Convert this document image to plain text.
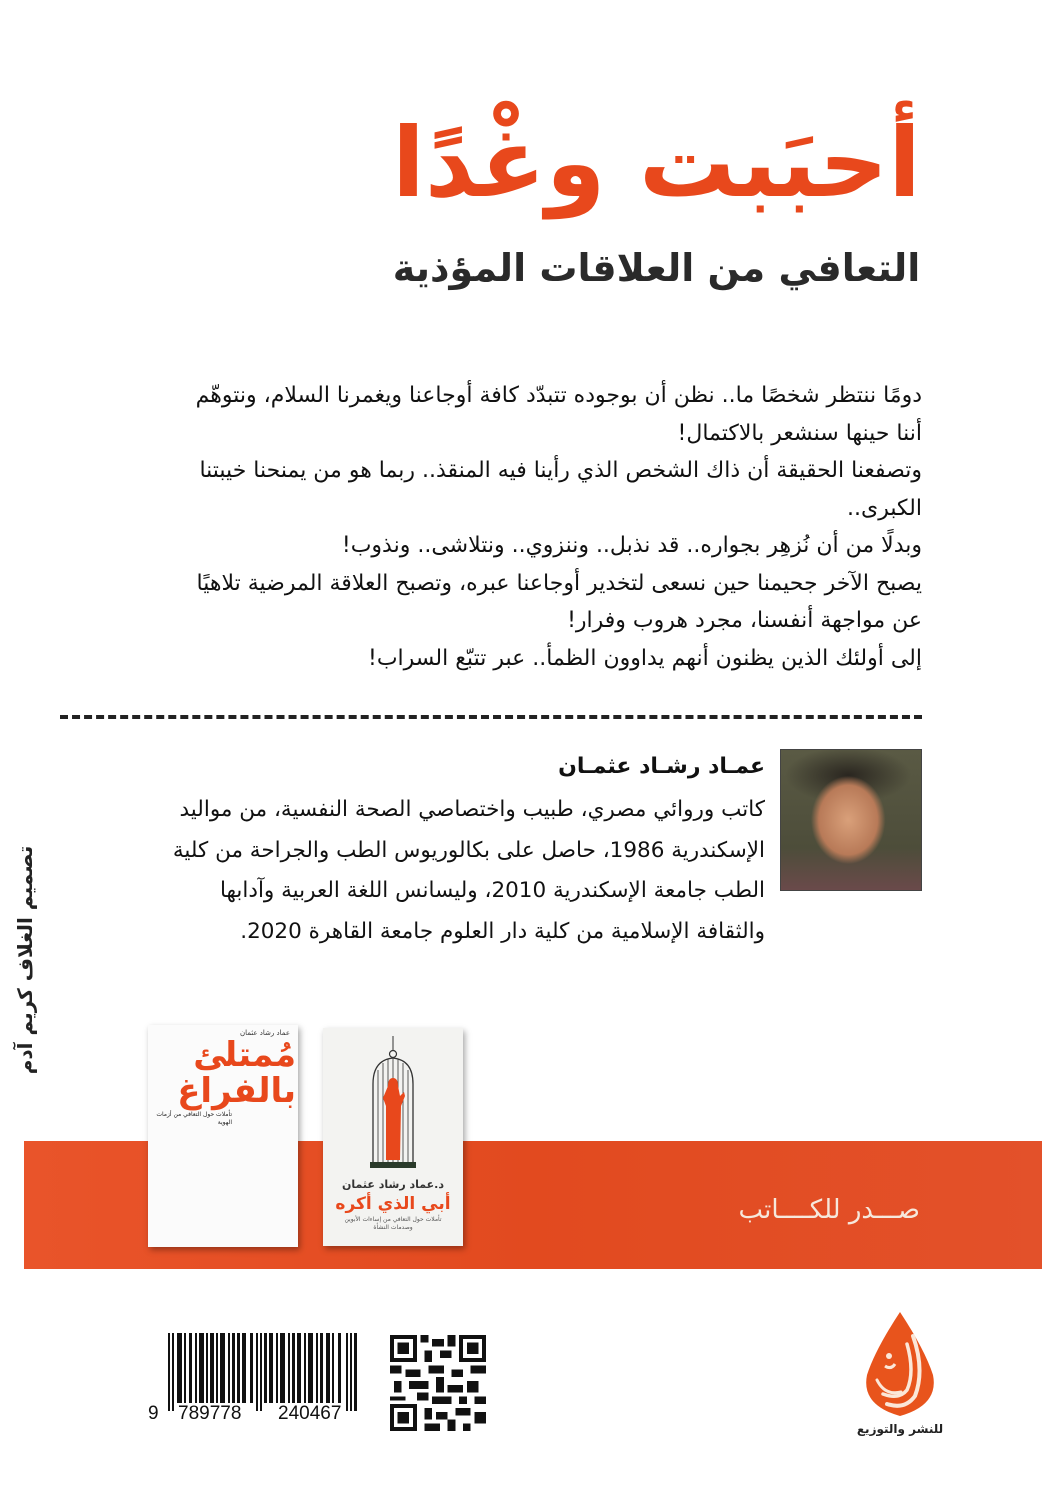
أحبَبت وغْدًا
التعافي من العلاقات المؤذية

دومًا ننتظر شخصًا ما.. نظن أن بوجوده تتبدّد كافة أوجاعنا ويغمرنا السلام، ونتوهّم

أننا حينها سنشعر بالاكتمال!

وتصفعنا الحقيقة أن ذاك الشخص الذي رأينا فيه المنقذ.. ربما هو من يمنحنا خيبتنا

الكبرى..

وبدلًا من أن نُزهِر بجواره.. قد نذبل.. وننزوي.. ونتلاشى.. ونذوب!

يصبح الآخر جحيمنا حين نسعى لتخدير أوجاعنا عبره، وتصبح العلاقة المرضية تلاهيًا

عن مواجهة أنفسنا، مجرد هروب وفرار!

إلى أولئك الذين يظنون أنهم يداوون الظمأ.. عبر تتبّع السراب!

عمـاد رشـاد عثمـان

كاتب وروائي مصري، طبيب واختصاصي الصحة النفسية، من مواليد

الإسكندرية 1986، حاصل على بكالوريوس الطب والجراحة من كلية

الطب جامعة الإسكندرية 2010، وليسانس اللغة العربية وآدابها

والثقافة الإسلامية من كلية دار العلوم جامعة القاهرة 2020.

تصميم الغلاف كريم آدم
صـــدر للكــــاتب
عماد رشاد عثمان
مُمتلئ بالفراغ
تأملات حول التعافي من أزمات الهوية
د.عماد رشاد عثمان
أبي الذي أكره
تأملات حول التعافي من إساءات الأبوين وصدمات النشأة
9	789778	240467
للنشر والتوزيع
